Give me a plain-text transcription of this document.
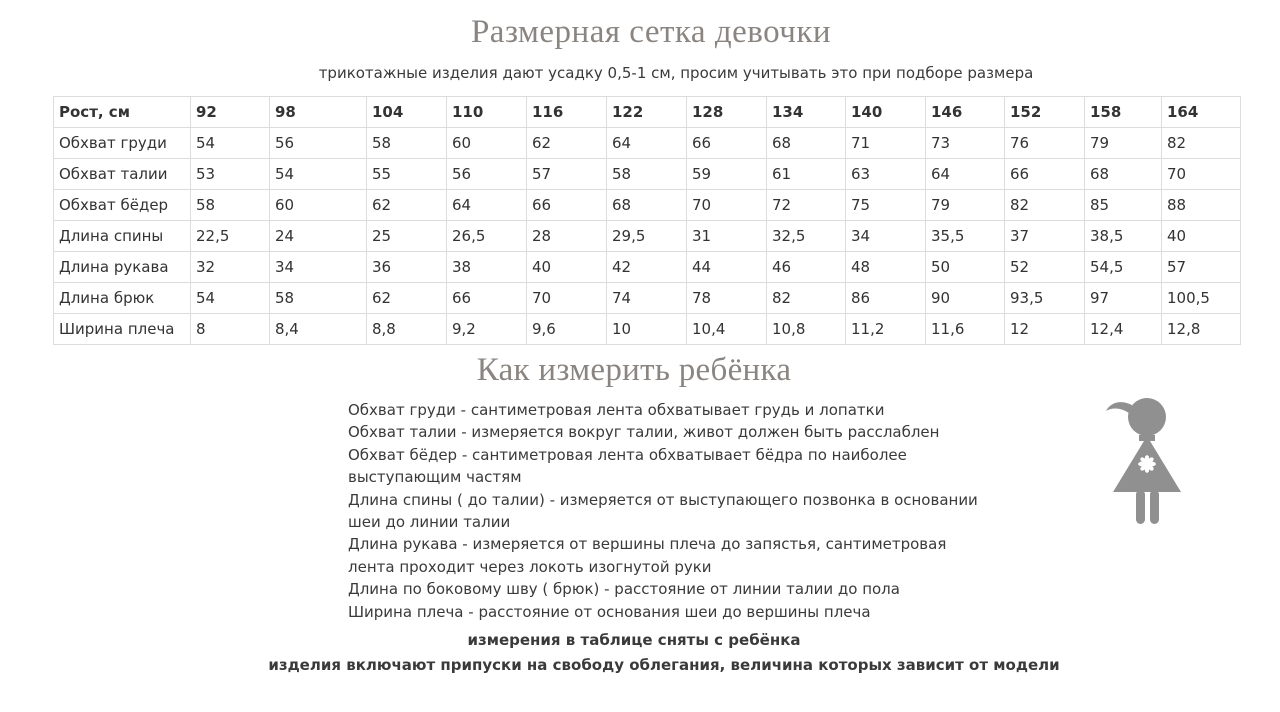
Размерная сетка девочки
трикотажные изделия дают усадку 0,5-1 см, просим учитывать это при подборе размера
Рост, см	92	98	104	110	116	122	128	134	140	146	152	158	164
Обхват груди	54	56	58	60	62	64	66	68	71	73	76	79	82
Обхват талии	53	54	55	56	57	58	59	61	63	64	66	68	70
Обхват бёдер	58	60	62	64	66	68	70	72	75	79	82	85	88
Длина спины	22,5	24	25	26,5	28	29,5	31	32,5	34	35,5	37	38,5	40
Длина рукава	32	34	36	38	40	42	44	46	48	50	52	54,5	57
Длина брюк	54	58	62	66	70	74	78	82	86	90	93,5	97	100,5
Ширина плеча	8	8,4	8,8	9,2	9,6	10	10,4	10,8	11,2	11,6	12	12,4	12,8
Как измерить ребёнка
Обхват груди - сантиметровая лента обхватывает грудь и лопатки
Обхват талии - измеряется вокруг талии, живот должен быть расслаблен
Обхват бёдер - сантиметровая лента обхватывает бёдра по наиболее
выступающим частям
Длина спины ( до талии) - измеряется от выступающего позвонка в основании
шеи до линии талии
Длина рукава - измеряется от вершины плеча до запястья, сантиметровая
лента проходит через локоть изогнутой руки
Длина по боковому шву ( брюк) - расстояние от линии талии до пола
Ширина плеча - расстояние от основания шеи до вершины плеча
измерения в таблице сняты с ребёнка
изделия включают припуски на свободу облегания, величина которых зависит от модели
